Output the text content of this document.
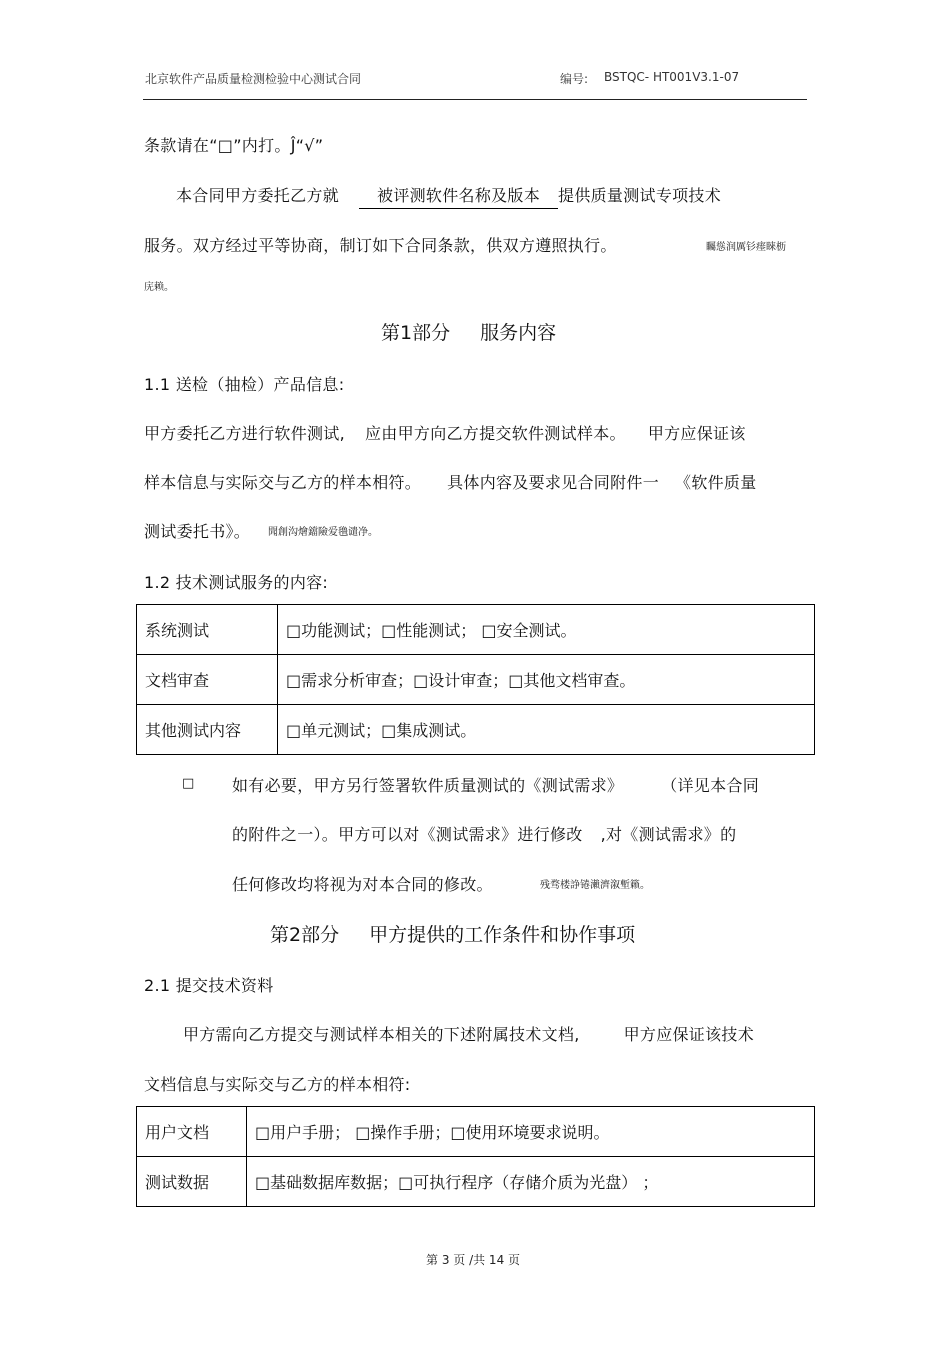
北京软件产品质量检测检验中心测试合同	编号: BSTQC- HT001V3.1-07
条款请在“□”内打。Ĵ“√”
本合同甲方委托乙方就 被评测软件名称及版本 提供质量测试专项技术
服务。双方经过平等协商，制订如下合同条款，供双方遵照执行。	矚慫润厲钐瘗睞枥
庑赖。
第1部分 服务内容
1.1 送检（抽检）产品信息:
甲方委托乙方进行软件测试, 应由甲方向乙方提交软件测试样本。 甲方应保证该
样本信息与实际交与乙方的样本相符。 具体内容及要求见合同附件一 《软件质量
测试委托书》。 聞創沟燴鐺險爱氇谴净。
1.2 技术测试服务的内容:
系统测试	□功能测试；□性能测试； □安全测试。
文档审查	□需求分析审查；□设计审查；□其他文档审查。
其他测试内容	□单元测试；□集成测试。
□ 如有必要，甲方另行签署软件质量测试的《测试需求》 （详见本合同
的附件之一）。甲方可以对《测试需求》进行修改 ,对《测试需求》的
任何修改均将视为对本合同的修改。	残骛楼諍锩瀨濟溆塹籟。
第2部分 甲方提供的工作条件和协作事项
2.1 提交技术资料
甲方需向乙方提交与测试样本相关的下述附属技术文档,	甲方应保证该技术
文档信息与实际交与乙方的样本相符:
用户文档	□用户手册； □操作手册；□使用环境要求说明。
测试数据	□基础数据库数据；□可执行程序（存储介质为光盘） ；
第 3 页 /共 14 页
